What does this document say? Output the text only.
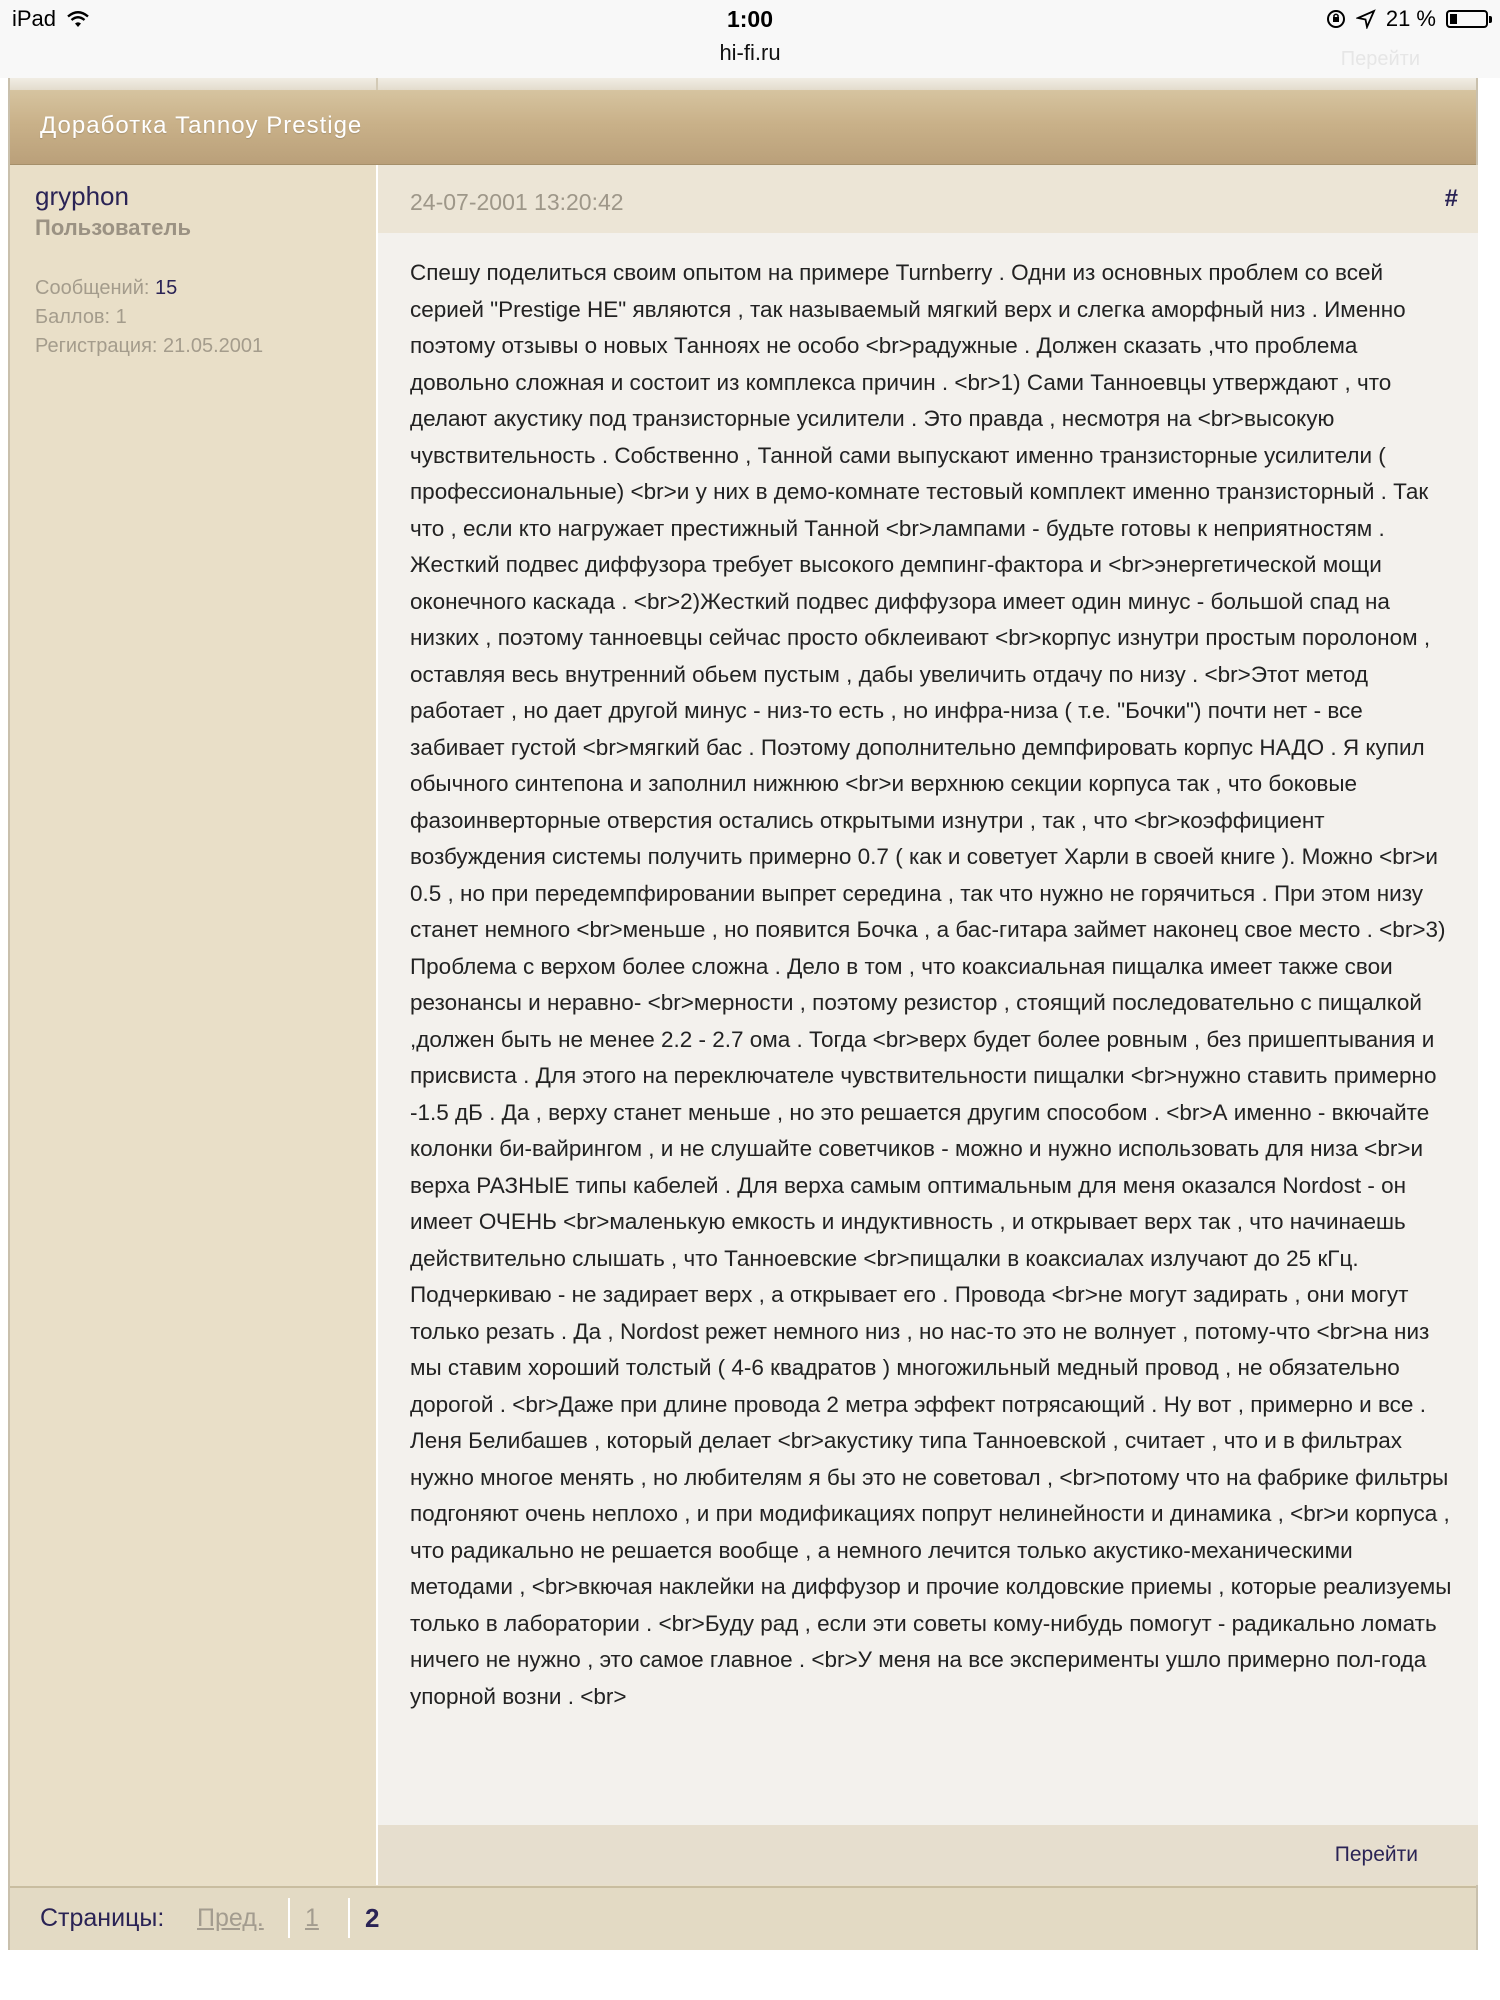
iPad	1:00
hi-fi.ru
21 %
Перейти
Доработка Tannoy Prestige
gryphon
Пользователь
Сообщений: 15
Баллов: 1
Регистрация: 21.05.2001
24-07-2001 13:20:42	#
Спешу поделиться своим опытом на примере Turnberry . Одни из основных проблем со всей серией "Prestige HE" являются , так называемый мягкий верх и слегка аморфный низ . Именно поэтому отзывы о новых Танноях не особо <br>радужные . Должен сказать ,что проблема довольно сложная и состоит из комплекса причин . <br>1) Сами Танноевцы утверждают , что делают акустику под транзисторные усилители . Это правда , несмотря на <br>высокую чувствительность . Собственно , Танной сами выпускают именно транзисторные усилители ( профессиональные) <br>и у них в демо-комнате тестовый комплект именно транзисторный . Так что , если кто нагружает престижный Танной <br>лампами - будьте готовы к неприятностям . Жесткий подвес диффузора требует высокого демпинг-фактора и <br>энергетической мощи оконечного каскада . <br>2)Жесткий подвес диффузора имеет один минус - большой спад на низких , поэтому танноевцы сейчас просто обклеивают <br>корпус изнутри простым поролоном , оставляя весь внутренний обьем пустым , дабы увеличить отдачу по низу . <br>Этот метод работает , но дает другой минус - низ-то есть , но инфра-низа ( т.е. "Бочки") почти нет - все забивает густой <br>мягкий бас . Поэтому дополнительно демпфировать корпус НАДО . Я купил обычного синтепона и заполнил нижнюю <br>и верхнюю секции корпуса так , что боковые фазоинверторные отверстия остались открытыми изнутри , так , что <br>коэффициент возбуждения системы получить примерно 0.7 ( как и советует Харли в своей книге ). Можно <br>и 0.5 , но при передемпфировании выпрет середина , так что нужно не горячиться . При этом низу станет немного <br>меньше , но появится Бочка , а бас-гитара займет наконец свое место . <br>3) Проблема с верхом более сложна . Дело в том , что коаксиальная пищалка имеет также свои резонансы и неравно- <br>мерности , поэтому резистор , стоящий последовательно с пищалкой ,должен быть не менее 2.2 - 2.7 ома . Тогда <br>верх будет более ровным , без пришептывания и присвиста . Для этого на переключателе чувствительности пищалки <br>нужно ставить примерно -1.5 дБ . Да , верху станет меньше , но это решается другим способом . <br>А именно - вкючайте колонки би-вайрингом , и не слушайте советчиков - можно и нужно использовать для низа <br>и верха РАЗНЫЕ типы кабелей . Для верха самым оптимальным для меня оказался Nordost - он имеет ОЧЕНЬ <br>маленькую емкость и индуктивность , и открывает верх так , что начинаешь действительно слышать , что Танноевские <br>пищалки в коаксиалах излучают до 25 кГц. Подчеркиваю - не задирает верх , а открывает его . Провода <br>не могут задирать , они могут только резать . Да , Nordost режет немного низ , но нас-то это не волнует , потому-что <br>на низ мы ставим хороший толстый ( 4-6 квадратов ) многожильный медный провод , не обязательно дорогой . <br>Даже при длине провода 2 метра эффект потрясающий . Ну вот , примерно и все . Леня Белибашев , который делает <br>акустику типа Танноевской , считает , что и в фильтрах нужно многое менять , но любителям я бы это не советовал , <br>потому что на фабрике фильтры подгоняют очень неплохо , и при модификациях попрут нелинейности и динамика , <br>и корпуса , что радикально не решается вообще , а немного лечится только акустико-механическими методами , <br>вкючая наклейки на диффузор и прочие колдовские приемы , которые реализуемы только в лаборатории . <br>Буду рад , если эти советы кому-нибудь помогут - радикально ломать ничего не нужно , это самое главное . <br>У меня на все эксперименты ушло примерно пол-года упорной возни . <br>
Перейти
Страницы: Пред. 1 2
